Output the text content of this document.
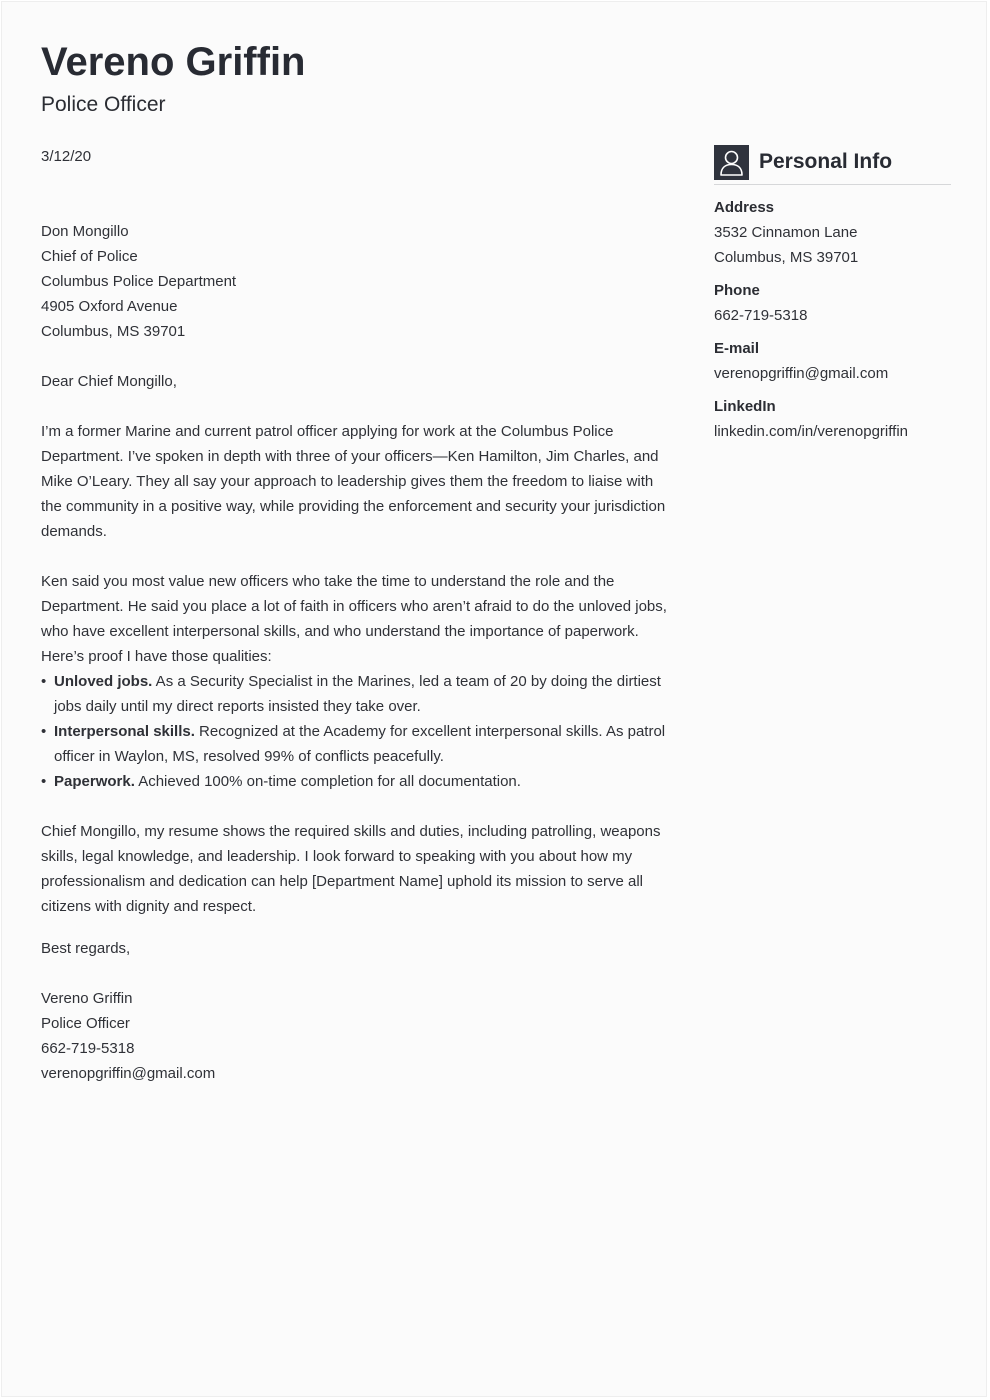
Vereno Griffin
Police Officer
3/12/20
Don Mongillo
Chief of Police
Columbus Police Department
4905 Oxford Avenue
Columbus, MS 39701

Dear Chief Mongillo,

I’m a former Marine and current patrol officer applying for work at the Columbus Police Department. I’ve spoken in depth with three of your officers—Ken Hamilton, Jim Charles, and Mike O’Leary. They all say your approach to leadership gives them the freedom to liaise with the community in a positive way, while providing the enforcement and security your jurisdiction demands.

Ken said you most value new officers who take the time to understand the role and the Department. He said you place a lot of faith in officers who aren’t afraid to do the unloved jobs, who have excellent interpersonal skills, and who understand the importance of paperwork. Here’s proof I have those qualities:

• Unloved jobs. As a Security Specialist in the Marines, led a team of 20 by doing the dirtiest jobs daily until my direct reports insisted they take over.
• Interpersonal skills. Recognized at the Academy for excellent interpersonal skills. As patrol officer in Waylon, MS, resolved 99% of conflicts peacefully.
• Paperwork. Achieved 100% on-time completion for all documentation.

Chief Mongillo, my resume shows the required skills and duties, including patrolling, weapons skills, legal knowledge, and leadership. I look forward to speaking with you about how my professionalism and dedication can help [Department Name] uphold its mission to serve all citizens with dignity and respect.

Best regards,
Vereno Griffin
Police Officer
662-719-5318
verenopgriffin@gmail.com
Personal Info
Address
3532 Cinnamon Lane
Columbus, MS 39701
Phone
662-719-5318
E-mail
verenopgriffin@gmail.com
LinkedIn
linkedin.com/in/verenopgriffin
